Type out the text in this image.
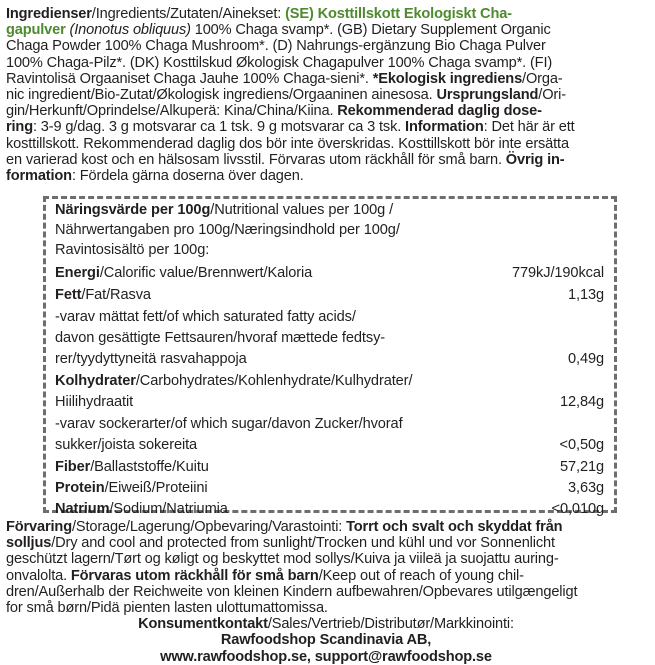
Ingredienser/Ingredients/Zutaten/Ainekset: (SE) Kosttillskott Ekologiskt Cha-
gapulver (Inonotus obliquus) 100% Chaga svamp*. (GB) Dietary Supplement Organic
Chaga Powder 100% Chaga Mushroom*. (D) Nahrungs-ergänzung Bio Chaga Pulver
100% Chaga-Pilz*. (DK) Kosttilskud Økologisk Chagapulver 100% Chaga svamp*. (FI)
Ravintolisä Orgaaniset Chaga Jauhe 100% Chaga-sieni*. *Ekologisk ingrediens/Orga-
nic ingredient/Bio-Zutat/Økologisk ingrediens/Orgaaninen ainesosa. Ursprungsland/Ori-
gin/Herkunft/Oprindelse/Alkuperä: Kina/China/Kiina. Rekommenderad daglig dose-
ring: 3-9 g/dag. 3 g motsvarar ca 1 tsk. 9 g motsvarar ca 3 tsk. Information: Det här är ett
kosttillskott. Rekommenderad daglig dos bör inte överskridas. Kosttillskott bör inte ersätta
en varierad kost och en hälsosam livsstil. Förvaras utom räckhåll för små barn. Övrig in-
formation: Fördela gärna doserna över dagen.
Näringsvärde per 100g/Nutritional values per 100g /
Nährwertangaben pro 100g/Næringsindhold per 100g/
Ravintosisältö per 100g:
Energi/Calorific value/Brennwert/Kaloria	779kJ/190kcal
Fett/Fat/Rasva	1,13g
-varav mättat fett/of which saturated fatty acids/
davon gesättigte Fettsauren/hvoraf mættede fedtsy-
rer/tyydyttyneitä rasvahappoja	0,49g
Kolhydrater/Carbohydrates/Kohlenhydrate/Kulhydrater/
Hiilihydraatit	12,84g
-varav sockerarter/of which sugar/davon Zucker/hvoraf
sukker/joista sokereita	<0,50g
Fiber/Ballaststoffe/Kuitu	57,21g
Protein/Eiweiß/Proteiini	3,63g
Natrium/Sodium/Natriumia	<0,010g
Förvaring/Storage/Lagerung/Opbevaring/Varastointi: Torrt och svalt och skyddat från
solljus/Dry and cool and protected from sunlight/Trocken und kühl und vor Sonnenlicht
geschützt lagern/Tørt og køligt og beskyttet mod sollys/Kuiva ja viileä ja suojattu auring-
onvalolta. Förvaras utom räckhåll för små barn/Keep out of reach of young chil-
dren/Außerhalb der Reichweite von kleinen Kindern aufbewahren/Opbevares utilgængeligt
for små børn/Pidä pienten lasten ulottumattomissa.
Konsumentkontakt/Sales/Vertrieb/Distributør/Markkinointi:
Rawfoodshop Scandinavia AB,
www.rawfoodshop.se, support@rawfoodshop.se
